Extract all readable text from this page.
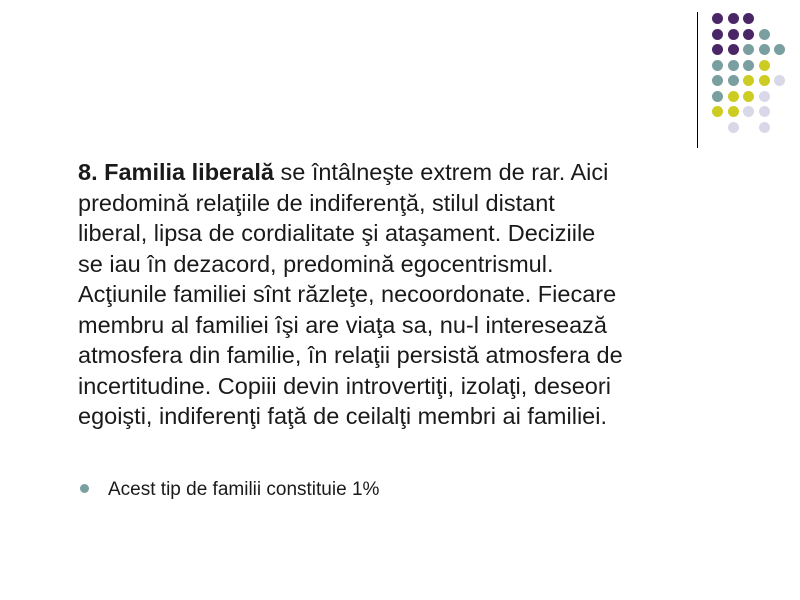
8. Familia liberală se întâlneşte extrem de rar. Aici
predomină relaţiile de indiferenţă, stilul distant
liberal, lipsa de cordialitate şi ataşament. Deciziile
se iau în dezacord, predomină egocentrismul.
Acţiunile familiei sînt răzleţe, necoordonate. Fiecare
membru al familiei îşi are viaţa sa, nu-l interesează
atmosfera din familie, în relaţii persistă atmosfera de
incertitudine. Copiii devin introvertiţi, izolaţi, deseori
egoişti, indiferenţi faţă de ceilalţi membri ai familiei.

Acest tip de familii constituie 1%
